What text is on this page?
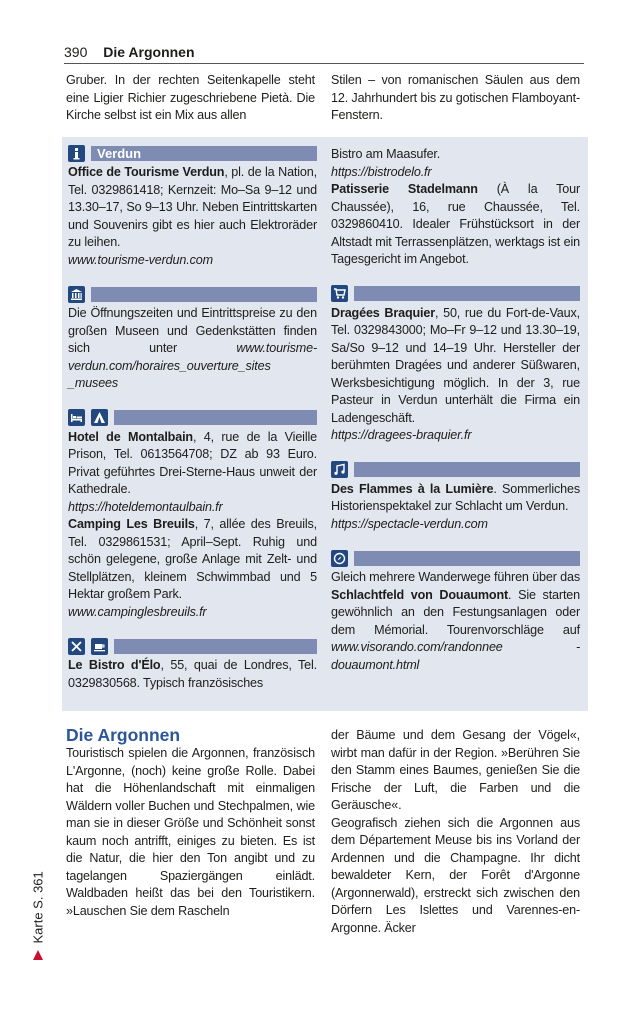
390 Die Argonnen

Gruber. In der rechten Seitenkapelle steht eine Ligier Richier zugeschriebene Pietà. Die Kirche selbst ist ein Mix aus allen

Stilen – von romanischen Säulen aus dem 12. Jahrhundert bis zu gotischen Flamboyant-Fenstern.

Verdun

Office de Tourisme Verdun, pl. de la Nation, Tel. 0329861418; Kernzeit: Mo–Sa 9–12 und 13.30–17, So 9–13 Uhr. Neben Eintrittskarten und Souvenirs gibt es hier auch Elektroräder zu leihen.

www.tourisme-verdun.com

Die Öffnungszeiten und Eintrittspreise zu den großen Museen und Gedenkstätten finden sich unter www.tourisme-verdun.com/horaires_ouverture_sites _musees

Hotel de Montalbain, 4, rue de la Vieille Prison, Tel. 0613564708; DZ ab 93 Euro. Privat geführtes Drei-Sterne-Haus unweit der Kathedrale.

https://hoteldemontaulbain.fr

Camping Les Breuils, 7, allée des Breuils, Tel. 0329861531; April–Sept. Ruhig und schön gelegene, große Anlage mit Zelt- und Stellplätzen, kleinem Schwimmbad und 5 Hektar großem Park.

www.campinglesbreuils.fr

Le Bistro d'Élo, 55, quai de Londres, Tel. 0329830568. Typisch französisches

Bistro am Maasufer.

https://bistrodelo.fr

Patisserie Stadelmann (À la Tour Chaussée), 16, rue Chaussée, Tel. 0329860410. Idealer Frühstücksort in der Altstadt mit Terrassenplätzen, werktags ist ein Tagesgericht im Angebot.

Dragées Braquier, 50, rue du Fort-de-Vaux, Tel. 0329843000; Mo–Fr 9–12 und 13.30–19, Sa/So 9–12 und 14–19 Uhr. Hersteller der berühmten Dragées und anderer Süßwaren, Werksbesichtigung möglich. In der 3, rue Pasteur in Verdun unterhält die Firma ein Ladengeschäft.

https://dragees-braquier.fr

Des Flammes à la Lumière. Sommerliches Historienspektakel zur Schlacht um Verdun.

https://spectacle-verdun.com

Gleich mehrere Wanderwege führen über das Schlachtfeld von Douaumont. Sie starten gewöhnlich an den Festungsanlagen oder dem Mémorial. Tourenvorschläge auf www.visorando.com/randonnee -douaumont.html

Die Argonnen

Touristisch spielen die Argonnen, französisch L'Argonne, (noch) keine große Rolle. Dabei hat die Höhenlandschaft mit einmaligen Wäldern voller Buchen und Stechpalmen, wie man sie in dieser Größe und Schönheit sonst kaum noch antrifft, einiges zu bieten. Es ist die Natur, die hier den Ton angibt und zu tagelangen Spaziergängen einlädt. Waldbaden heißt das bei den Touristikern. »Lauschen Sie dem Rascheln

der Bäume und dem Gesang der Vögel«, wirbt man dafür in der Region. »Berühren Sie den Stamm eines Baumes, genießen Sie die Frische der Luft, die Farben und die Geräusche«.

Geografisch ziehen sich die Argonnen aus dem Département Meuse bis ins Vorland der Ardennen und die Champagne. Ihr dicht bewaldeter Kern, der Forêt d'Argonne (Argonnerwald), erstreckt sich zwischen den Dörfern Les Islettes und Varennes-en-Argonne. Äcker

Karte S. 361
